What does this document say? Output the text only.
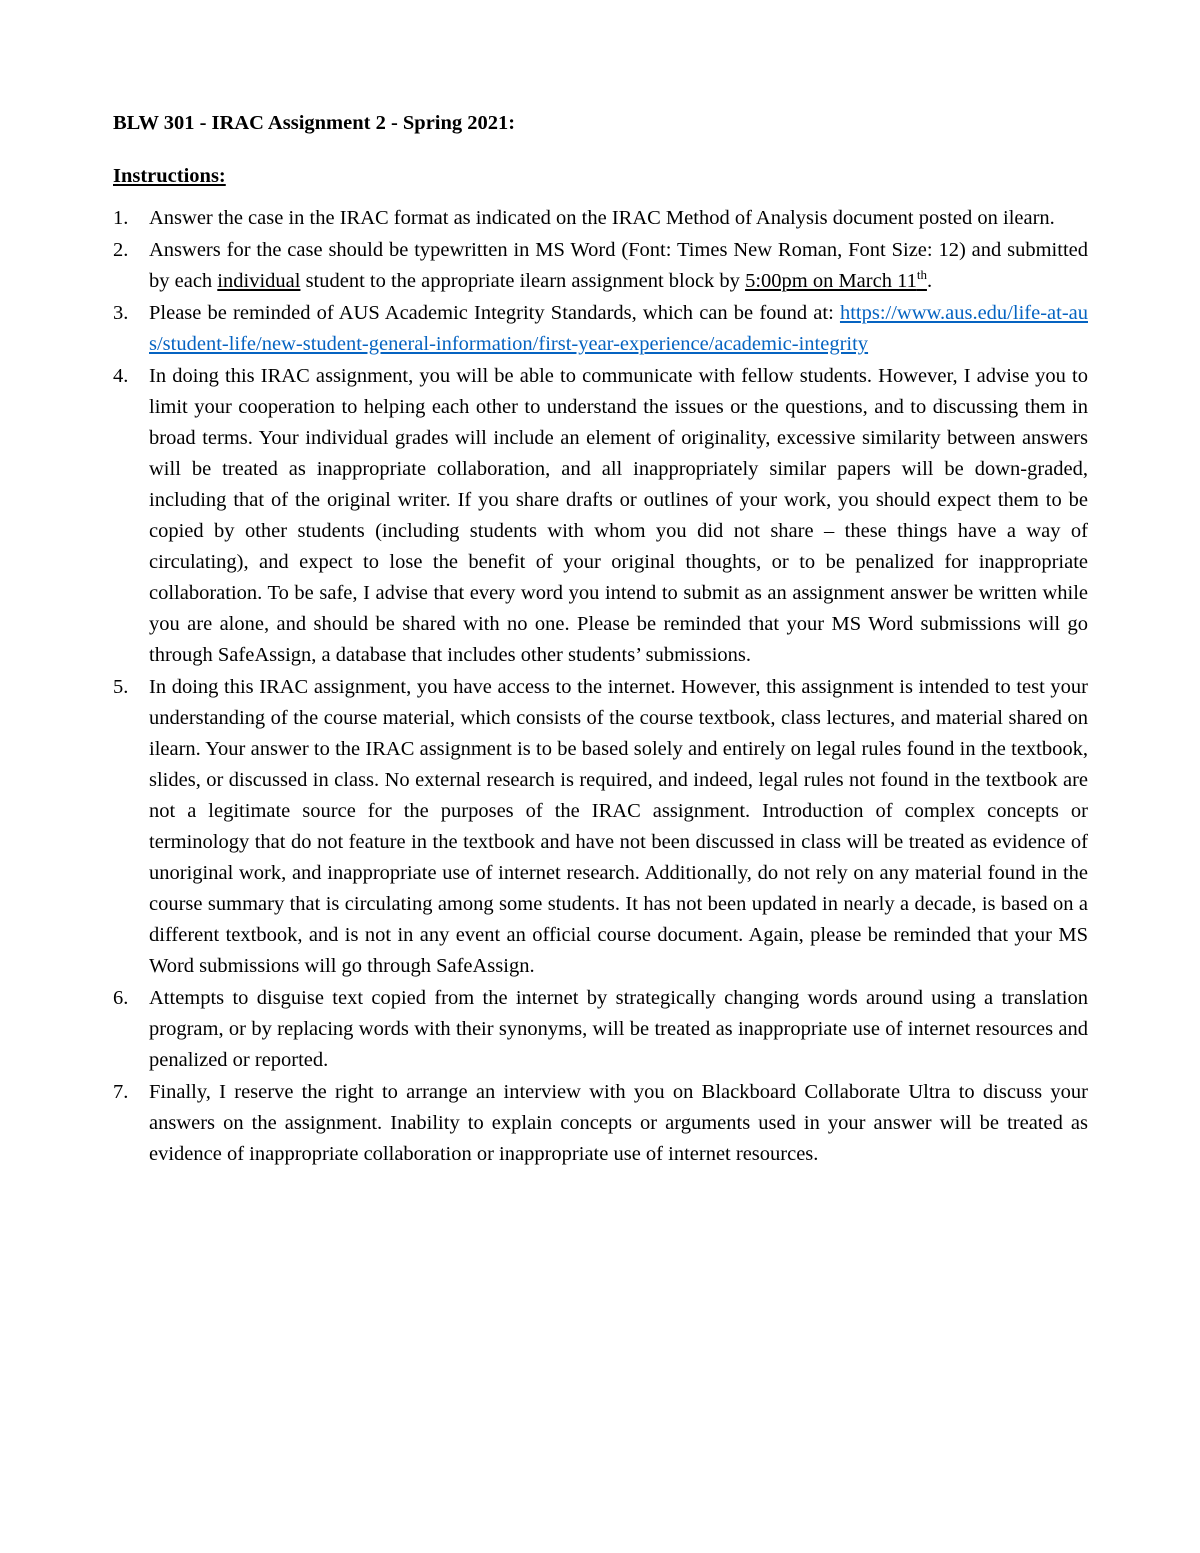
BLW 301 - IRAC Assignment 2 - Spring 2021:
Instructions:
1. Answer the case in the IRAC format as indicated on the IRAC Method of Analysis document posted on ilearn.
2. Answers for the case should be typewritten in MS Word (Font: Times New Roman, Font Size: 12) and submitted by each individual student to the appropriate ilearn assignment block by 5:00pm on March 11th.
3. Please be reminded of AUS Academic Integrity Standards, which can be found at: https://www.aus.edu/life-at-aus/student-life/new-student-general-information/first-year-experience/academic-integrity
4. In doing this IRAC assignment, you will be able to communicate with fellow students. However, I advise you to limit your cooperation to helping each other to understand the issues or the questions, and to discussing them in broad terms. Your individual grades will include an element of originality, excessive similarity between answers will be treated as inappropriate collaboration, and all inappropriately similar papers will be down-graded, including that of the original writer. If you share drafts or outlines of your work, you should expect them to be copied by other students (including students with whom you did not share – these things have a way of circulating), and expect to lose the benefit of your original thoughts, or to be penalized for inappropriate collaboration. To be safe, I advise that every word you intend to submit as an assignment answer be written while you are alone, and should be shared with no one. Please be reminded that your MS Word submissions will go through SafeAssign, a database that includes other students’ submissions.
5. In doing this IRAC assignment, you have access to the internet. However, this assignment is intended to test your understanding of the course material, which consists of the course textbook, class lectures, and material shared on ilearn. Your answer to the IRAC assignment is to be based solely and entirely on legal rules found in the textbook, slides, or discussed in class. No external research is required, and indeed, legal rules not found in the textbook are not a legitimate source for the purposes of the IRAC assignment. Introduction of complex concepts or terminology that do not feature in the textbook and have not been discussed in class will be treated as evidence of unoriginal work, and inappropriate use of internet research. Additionally, do not rely on any material found in the course summary that is circulating among some students. It has not been updated in nearly a decade, is based on a different textbook, and is not in any event an official course document. Again, please be reminded that your MS Word submissions will go through SafeAssign.
6. Attempts to disguise text copied from the internet by strategically changing words around using a translation program, or by replacing words with their synonyms, will be treated as inappropriate use of internet resources and penalized or reported.
7. Finally, I reserve the right to arrange an interview with you on Blackboard Collaborate Ultra to discuss your answers on the assignment. Inability to explain concepts or arguments used in your answer will be treated as evidence of inappropriate collaboration or inappropriate use of internet resources.
